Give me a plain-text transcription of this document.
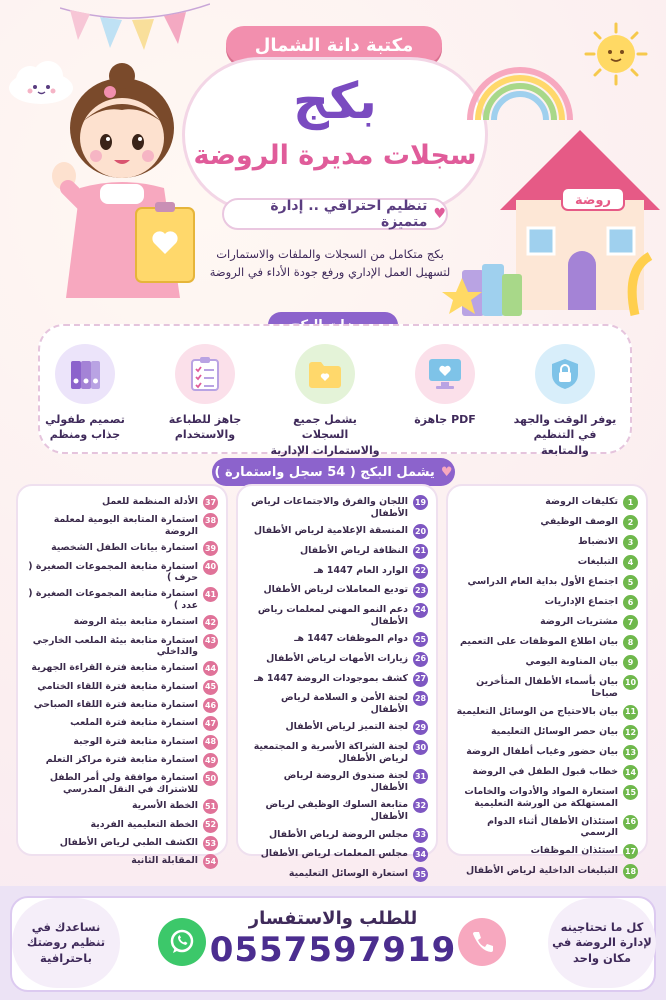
مكتبة دانة الشمال
بكج
سجلات مديرة الروضة
♥
تنظيم احترافي .. إدارة متميزة
بكج متكامل من السجلات والملفات والاستمارات
لتسهيل العمل الإداري ورفع جودة الأداء في الروضة
روضة
يوفر الوقت والجهد في التنظيم والمتابعة
PDF جاهزة
يشمل جميع السجلات والاستمارات الإدارية
جاهز للطباعة والاستخدام
تصميم طفولي جذاب ومنظم
♥
يشمل البكج ( 54 سجل واستمارة )
1
تكليفات الروضة
2
الوصف الوظيفي
3
الانضباط
4
التبليغات
5
اجتماع الأول بداية العام الدراسي
6
اجتماع الإداريات
7
مشتريات الروضة
8
بيان اطلاع الموظفات على التعميم
9
بيان المناوبة اليومي
10
بيان بأسماء الأطفال المتأخرين صباحا
11
بيان بالاحتياج من الوسائل التعليمية
12
بيان حصر الوسائل التعليمية
13
بيان حضور وغياب أطفال الروضة
14
خطاب قبول الطفل في الروضة
15
استعارة المواد والأدوات والخامات المستهلكة من الورشة التعليمية
16
استئذان الأطفال أثناء الدوام الرسمي
17
استئذان الموظفات
18
التبليغات الداخلية لرياض الأطفال
19
اللجان والفرق والاجتماعات لرياض الأطفال
20
المنسقة الإعلامية لرياض الأطفال
21
النظافة لرياض الأطفال
22
الوارد العام 1447 هـ
23
توديع المعاملات لرياض الأطفال
24
دعم النمو المهني لمعلمات رياض الأطفال
25
دوام الموظفات 1447 هـ
26
زيارات الأمهات لرياض الأطفال
27
كشف بموجودات الروضة 1447 هـ
28
لجنة الأمن و السلامة لرياض الأطفال
29
لجنة التميز لرياض الأطفال
30
لجنة الشراكة الأسرية و المجتمعية لرياض الأطفال
31
لجنة صندوق الروضة لرياض الأطفال
32
متابعة السلوك الوظيفي لرياض الأطفال
33
مجلس الروضة لرياض الأطفال
34
مجلس المعلمات لرياض الأطفال
35
استعارة الوسائل التعليمية
37
الأدلة المنظمة للعمل
38
استمارة المتابعة اليومية لمعلمة الروضة
39
استمارة بيانات الطفل الشخصية
40
استمارة متابعة المجموعات الصغيرة ( حرف )
41
استمارة متابعة المجموعات الصغيرة ( عدد )
42
استمارة متابعة بيئة الروضة
43
استمارة متابعة بيئة الملعب الخارجي والداخلي
44
استمارة متابعة فترة القراءة الجهرية
45
استمارة متابعة فترة اللقاء الختامي
46
استمارة متابعة فترة اللقاء الصباحي
47
استمارة متابعة فترة الملعب
48
استمارة متابعة فترة الوجبة
49
استمارة متابعة فترة مراكز التعلم
50
استمارة موافقة ولي أمر الطفل للاشتراك في النقل المدرسي
51
الخطة الأسرية
52
الخطة التعليمية الفردية
53
الكشف الطبي لرياض الأطفال
54
المقابلة الثانية
كل ما تحتاجينه لإدارة الروضة في مكان واحد
نساعدك في تنظيم روضتك باحترافية
للطلب والاستفسار
0557597919
